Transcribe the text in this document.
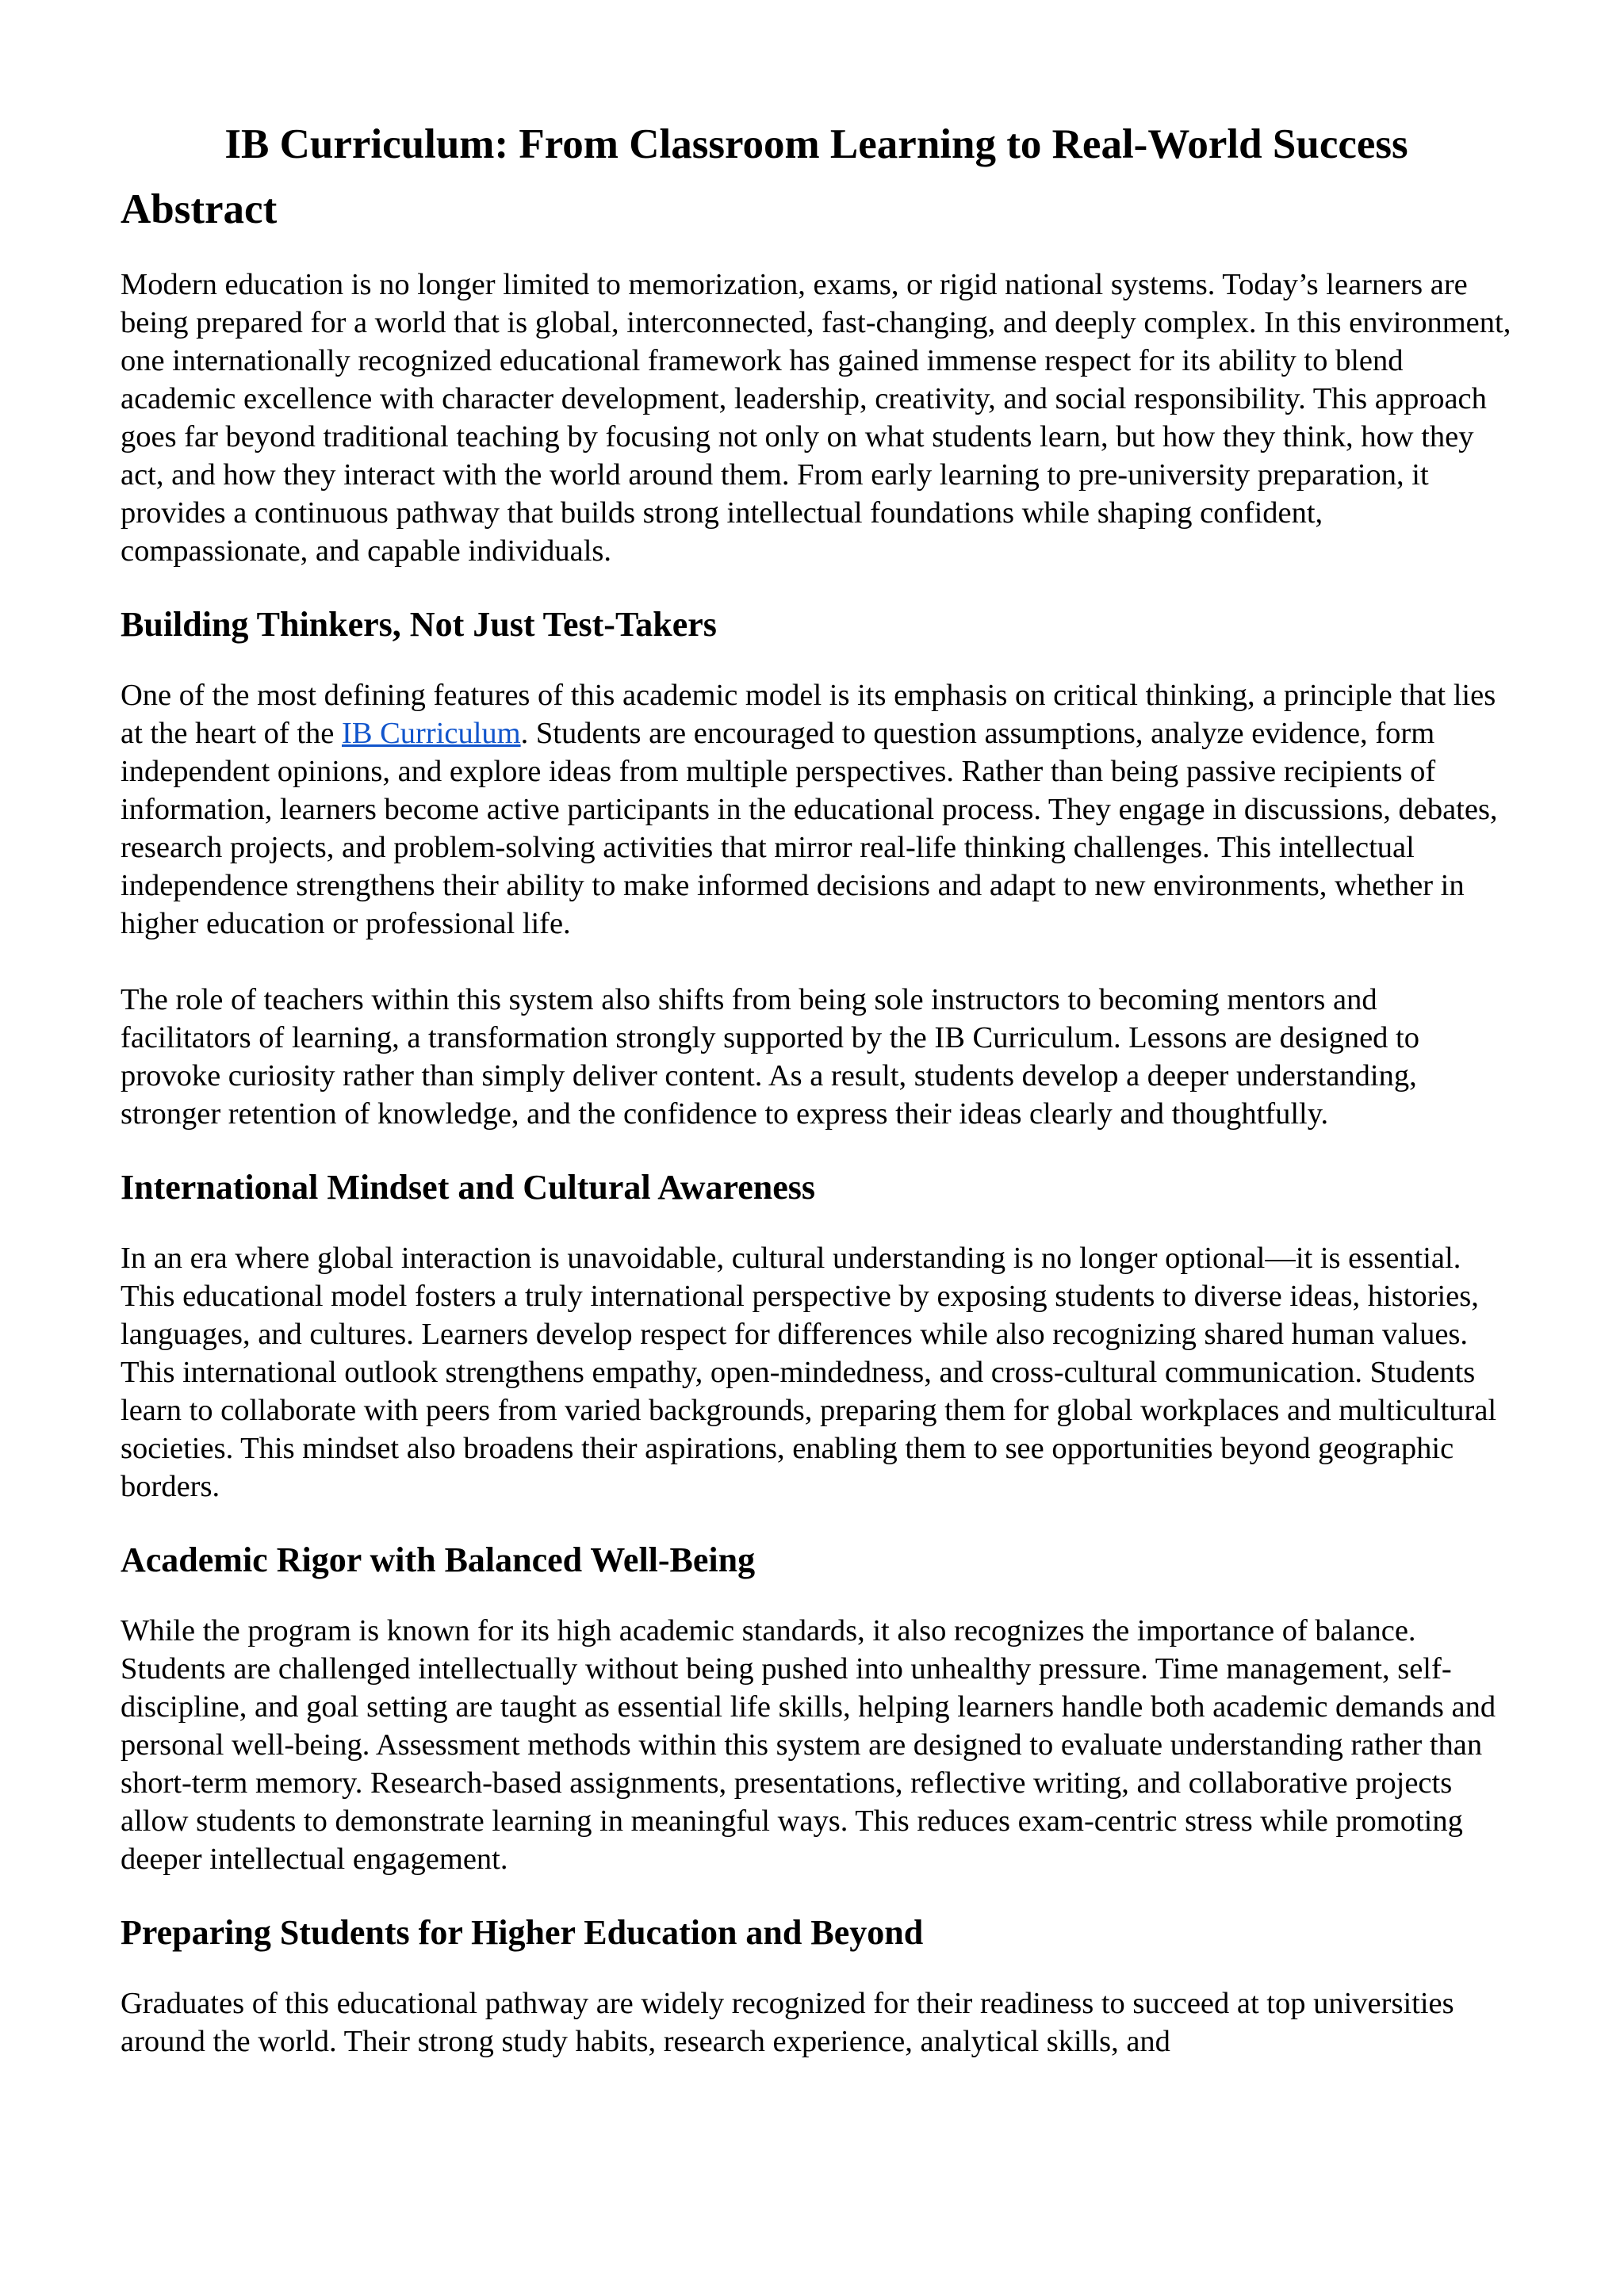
IB Curriculum: From Classroom Learning to Real-World Success
Abstract

Modern education is no longer limited to memorization, exams, or rigid national systems. Today’s learners are being prepared for a world that is global, interconnected, fast-changing, and deeply complex. In this environment, one internationally recognized educational framework has gained immense respect for its ability to blend academic excellence with character development, leadership, creativity, and social responsibility. This approach goes far beyond traditional teaching by focusing not only on what students learn, but how they think, how they act, and how they interact with the world around them. From early learning to pre-university preparation, it provides a continuous pathway that builds strong intellectual foundations while shaping confident, compassionate, and capable individuals.

Building Thinkers, Not Just Test-Takers

One of the most defining features of this academic model is its emphasis on critical thinking, a principle that lies at the heart of the IB Curriculum. Students are encouraged to question assumptions, analyze evidence, form independent opinions, and explore ideas from multiple perspectives. Rather than being passive recipients of information, learners become active participants in the educational process. They engage in discussions, debates, research projects, and problem-solving activities that mirror real-life thinking challenges. This intellectual independence strengthens their ability to make informed decisions and adapt to new environments, whether in higher education or professional life.

The role of teachers within this system also shifts from being sole instructors to becoming mentors and facilitators of learning, a transformation strongly supported by the IB Curriculum. Lessons are designed to provoke curiosity rather than simply deliver content. As a result, students develop a deeper understanding, stronger retention of knowledge, and the confidence to express their ideas clearly and thoughtfully.

International Mindset and Cultural Awareness

In an era where global interaction is unavoidable, cultural understanding is no longer optional—it is essential. This educational model fosters a truly international perspective by exposing students to diverse ideas, histories, languages, and cultures. Learners develop respect for differences while also recognizing shared human values. This international outlook strengthens empathy, open-mindedness, and cross-cultural communication. Students learn to collaborate with peers from varied backgrounds, preparing them for global workplaces and multicultural societies. This mindset also broadens their aspirations, enabling them to see opportunities beyond geographic borders.

Academic Rigor with Balanced Well-Being

While the program is known for its high academic standards, it also recognizes the importance of balance. Students are challenged intellectually without being pushed into unhealthy pressure. Time management, self-discipline, and goal setting are taught as essential life skills, helping learners handle both academic demands and personal well-being. Assessment methods within this system are designed to evaluate understanding rather than short-term memory. Research-based assignments, presentations, reflective writing, and collaborative projects allow students to demonstrate learning in meaningful ways. This reduces exam-centric stress while promoting deeper intellectual engagement.

Preparing Students for Higher Education and Beyond

Graduates of this educational pathway are widely recognized for their readiness to succeed at top universities around the world. Their strong study habits, research experience, analytical skills, and
